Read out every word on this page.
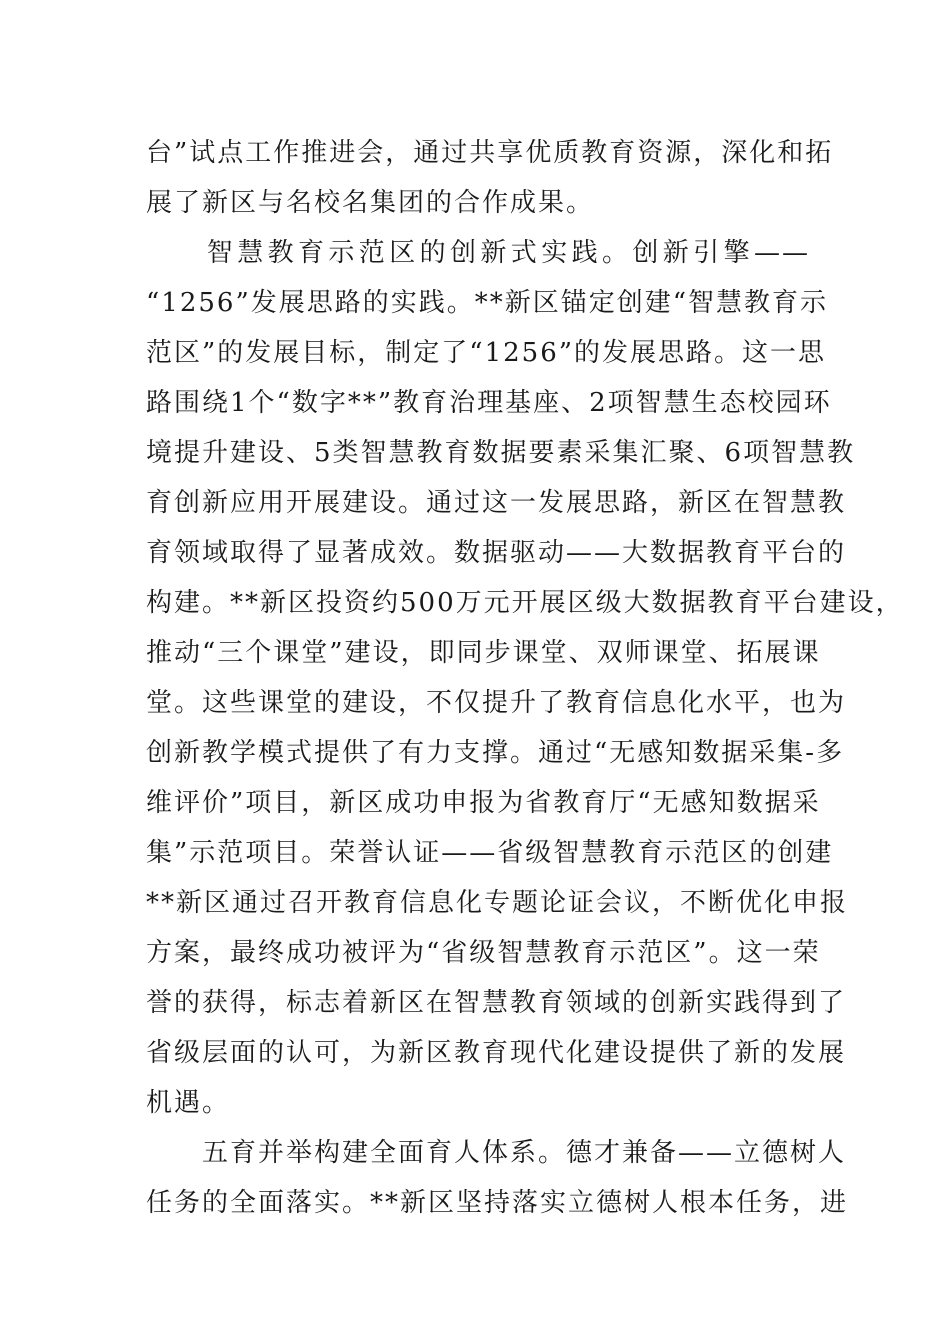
台”试点工作推进会，通过共享优质教育资源，深化和拓
展了新区与名校名集团的合作成果。
　　智慧教育示范区的创新式实践。创新引擎——
“1256”发展思路的实践。**新区锚定创建“智慧教育示
范区”的发展目标，制定了“1256”的发展思路。这一思
路围绕1个“数字**”教育治理基座、2项智慧生态校园环
境提升建设、5类智慧教育数据要素采集汇聚、6项智慧教
育创新应用开展建设。通过这一发展思路，新区在智慧教
育领域取得了显著成效。数据驱动——大数据教育平台的
构建。**新区投资约500万元开展区级大数据教育平台建设，
推动“三个课堂”建设，即同步课堂、双师课堂、拓展课
堂。这些课堂的建设，不仅提升了教育信息化水平，也为
创新教学模式提供了有力支撑。通过“无感知数据采集-多
维评价”项目，新区成功申报为省教育厅“无感知数据采
集”示范项目。荣誉认证——省级智慧教育示范区的创建
**新区通过召开教育信息化专题论证会议，不断优化申报
方案，最终成功被评为“省级智慧教育示范区”。这一荣
誉的获得，标志着新区在智慧教育领域的创新实践得到了
省级层面的认可，为新区教育现代化建设提供了新的发展
机遇。
　　五育并举构建全面育人体系。德才兼备——立德树人
任务的全面落实。**新区坚持落实立德树人根本任务，进
